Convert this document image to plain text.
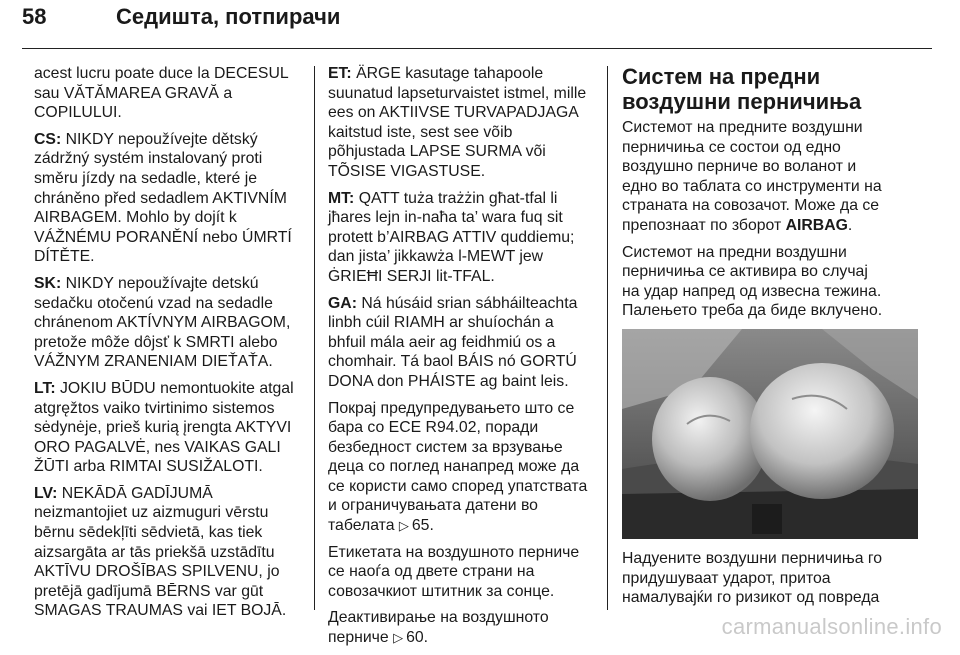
58	Седишта, потпирачи

acest lucru poate duce la DECESUL
sau VĂTĂMAREA GRAVĂ a
COPILULUI.

CS: NIKDY nepoužívejte dětský
zádržný systém instalovaný proti
směru jízdy na sedadle, které je
chráněno před sedadlem AKTIVNÍM
AIRBAGEM. Mohlo by dojít k
VÁŽNÉMU PORANĚNÍ nebo ÚMRTÍ
DÍTĚTE.

SK: NIKDY nepoužívajte detskú
sedačku otočenú vzad na sedadle
chránenom AKTÍVNYM AIRBAGOM,
pretože môže dôjsť k SMRTI alebo
VÁŽNYM ZRANENIAM DIEŤAŤA.

LT: JOKIU BŪDU nemontuokite atgal
atgręžtos vaiko tvirtinimo sistemos
sėdynėje, prieš kurią įrengta AKTYVI
ORO PAGALVĖ, nes VAIKAS GALI
ŽŪTI arba RIMTAI SUSIŽALOTI.

LV: NEKĀDĀ GADĪJUMĀ
neizmantojiet uz aizmuguri vērstu
bērnu sēdekļīti sēdvietā, kas tiek
aizsargāta ar tās priekšā uzstādītu
AKTĪVU DROŠĪBAS SPILVENU, jo
pretējā gadījumā BĒRNS var gūt
SMAGAS TRAUMAS vai IET BOJĀ.

ET: ÄRGE kasutage tahapoole
suunatud lapseturvaistet istmel, mille
ees on AKTIIVSE TURVAPADJAGA
kaitstud iste, sest see võib
põhjustada LAPSE SURMA või
TÕSISE VIGASTUSE.

MT: QATT tuża trażżin għat-tfal li
jħares lejn in-naħa ta’ wara fuq sit
protett b’AIRBAG ATTIV quddiemu;
dan jista’ jikkawża l-MEWT jew
ĠRIEĦI SERJI lit-TFAL.

GA: Ná húsáid srian sábháilteachta
linbh cúil RIAMH ar shuíochán a
bhfuil mála aeir ag feidhmiú os a
chomhair. Tá baol BÁIS nó GORTÚ
DONA don PHÁISTE ag baint leis.

Покрај предупредувањето што се
бара со ECE R94.02, поради
безбедност систем за врзување
деца со поглед нанапред може да
се користи само според упатствата
и ограничувањата датени во
табелата ▷ 65.

Етикетата на воздушното перниче
се наоѓа од двете страни на
совозачкиот штитник за сонце.

Деактивирање на воздушното
перниче ▷ 60.

Систем на предни
воздушни перничиња

Системот на предните воздушни
перничиња се состои од едно
воздушно перниче во воланот и
едно во таблата со инструменти на
страната на совозачот. Може да се
препознаат по зборот AIRBAG.

Системот на предни воздушни
перничиња се активира во случај
на удар напред од извесна тежина.
Палењето треба да биде вклучено.

Надуените воздушни перничиња го
придушуваат ударот, притоа
намалувајќи го ризикот од повреда

carmanualsonline.info
